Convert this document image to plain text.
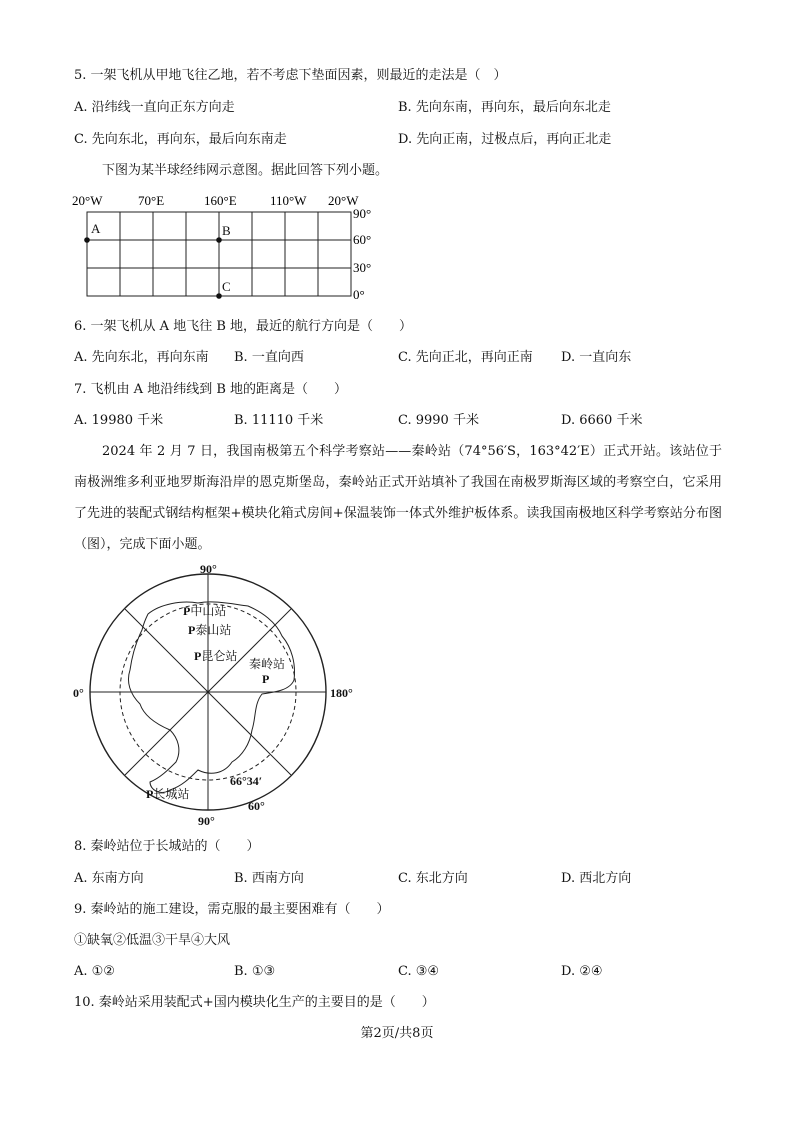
5. 一架飞机从甲地飞往乙地，若不考虑下垫面因素，则最近的走法是（　）
A. 沿纬线一直向正东方向走	B. 先向东南，再向东，最后向东北走
C. 先向东北，再向东，最后向东南走	D. 先向正南，过极点后，再向正北走
下图为某半球经纬网示意图。据此回答下列小题。
20°W	70°E	160°E	110°W 20°W
90°
60°
30°
0°
A	B
C
90°
0°	180°
90°
60°
66°34′
P中山站
P泰山站
P昆仑站
秦岭站
P
P长城站
6. 一架飞机从 A 地飞往 B 地，最近的航行方向是（　　）
A. 先向东北，再向东南 B. 一直向西	C. 先向正北，再向正南 D. 一直向东
7. 飞机由 A 地沿纬线到 B 地的距离是（　　）
A. 19980 千米	B. 11110 千米	C. 9990 千米	D. 6660 千米
2024 年 2 月 7 日，我国南极第五个科学考察站——秦岭站（74°56′S，163°42′E）正式开站。该站位于南极洲维多利亚地罗斯海沿岸的恩克斯堡岛，秦岭站正式开站填补了我国在南极罗斯海区域的考察空白，它采用了先进的装配式钢结构框架+模块化箱式房间+保温装饰一体式外维护板体系。读我国南极地区科学考察站分布图（图），完成下面小题。
8. 秦岭站位于长城站的（　　）
A. 东南方向	B. 西南方向	C. 东北方向	D. 西北方向
9. 秦岭站的施工建设，需克服的最主要困难有（　　）
①缺氧②低温③干旱④大风
A. ①②	B. ①③	C. ③④	D. ②④
10. 秦岭站采用装配式+国内模块化生产的主要目的是（　　）
第2页/共8页
